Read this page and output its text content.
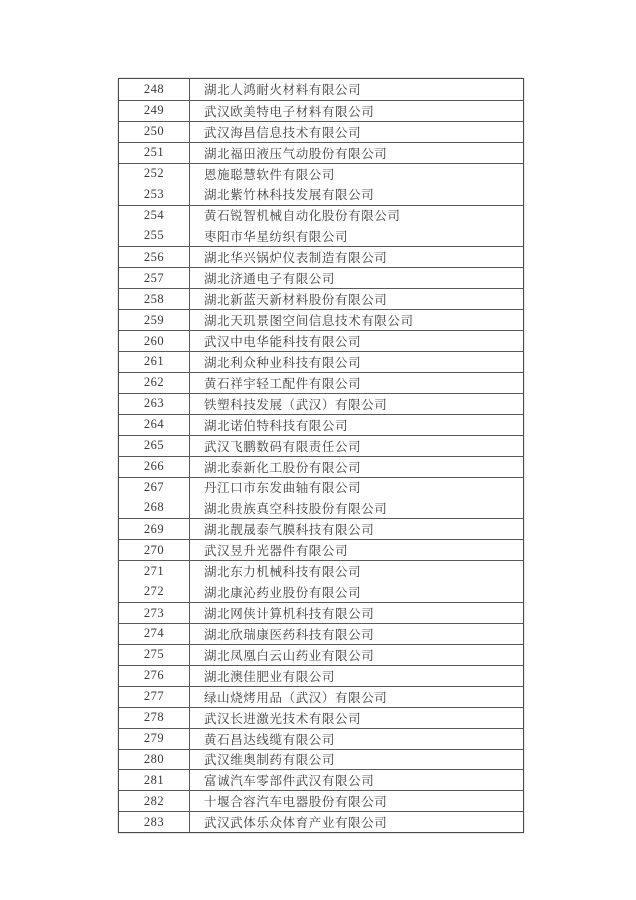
248	湖北人鸿耐火材料有限公司
249	武汉欧美特电子材料有限公司
250	武汉海昌信息技术有限公司
251	湖北福田液压气动股份有限公司
252	恩施聪慧软件有限公司
253	湖北紫竹林科技发展有限公司
254	黄石锐智机械自动化股份有限公司
255	枣阳市华星纺织有限公司
256	湖北华兴锅炉仪表制造有限公司
257	湖北济通电子有限公司
258	湖北新蓝天新材料股份有限公司
259	湖北天玑景图空间信息技术有限公司
260	武汉中电华能科技有限公司
261	湖北利众种业科技有限公司
262	黄石祥宇轻工配件有限公司
263	铁塑科技发展（武汉）有限公司
264	湖北诺伯特科技有限公司
265	武汉飞鹏数码有限责任公司
266	湖北泰新化工股份有限公司
267	丹江口市东发曲轴有限公司
268	湖北贵族真空科技股份有限公司
269	湖北靓晟泰气膜科技有限公司
270	武汉昱升光器件有限公司
271	湖北东力机械科技有限公司
272	湖北康沁药业股份有限公司
273	湖北网侠计算机科技有限公司
274	湖北欣瑞康医药科技有限公司
275	湖北凤凰白云山药业有限公司
276	湖北澳佳肥业有限公司
277	绿山烧烤用品（武汉）有限公司
278	武汉长进激光技术有限公司
279	黄石昌达线缆有限公司
280	武汉维奥制药有限公司
281	富诚汽车零部件武汉有限公司
282	十堰合容汽车电器股份有限公司
283	武汉武体乐众体育产业有限公司
